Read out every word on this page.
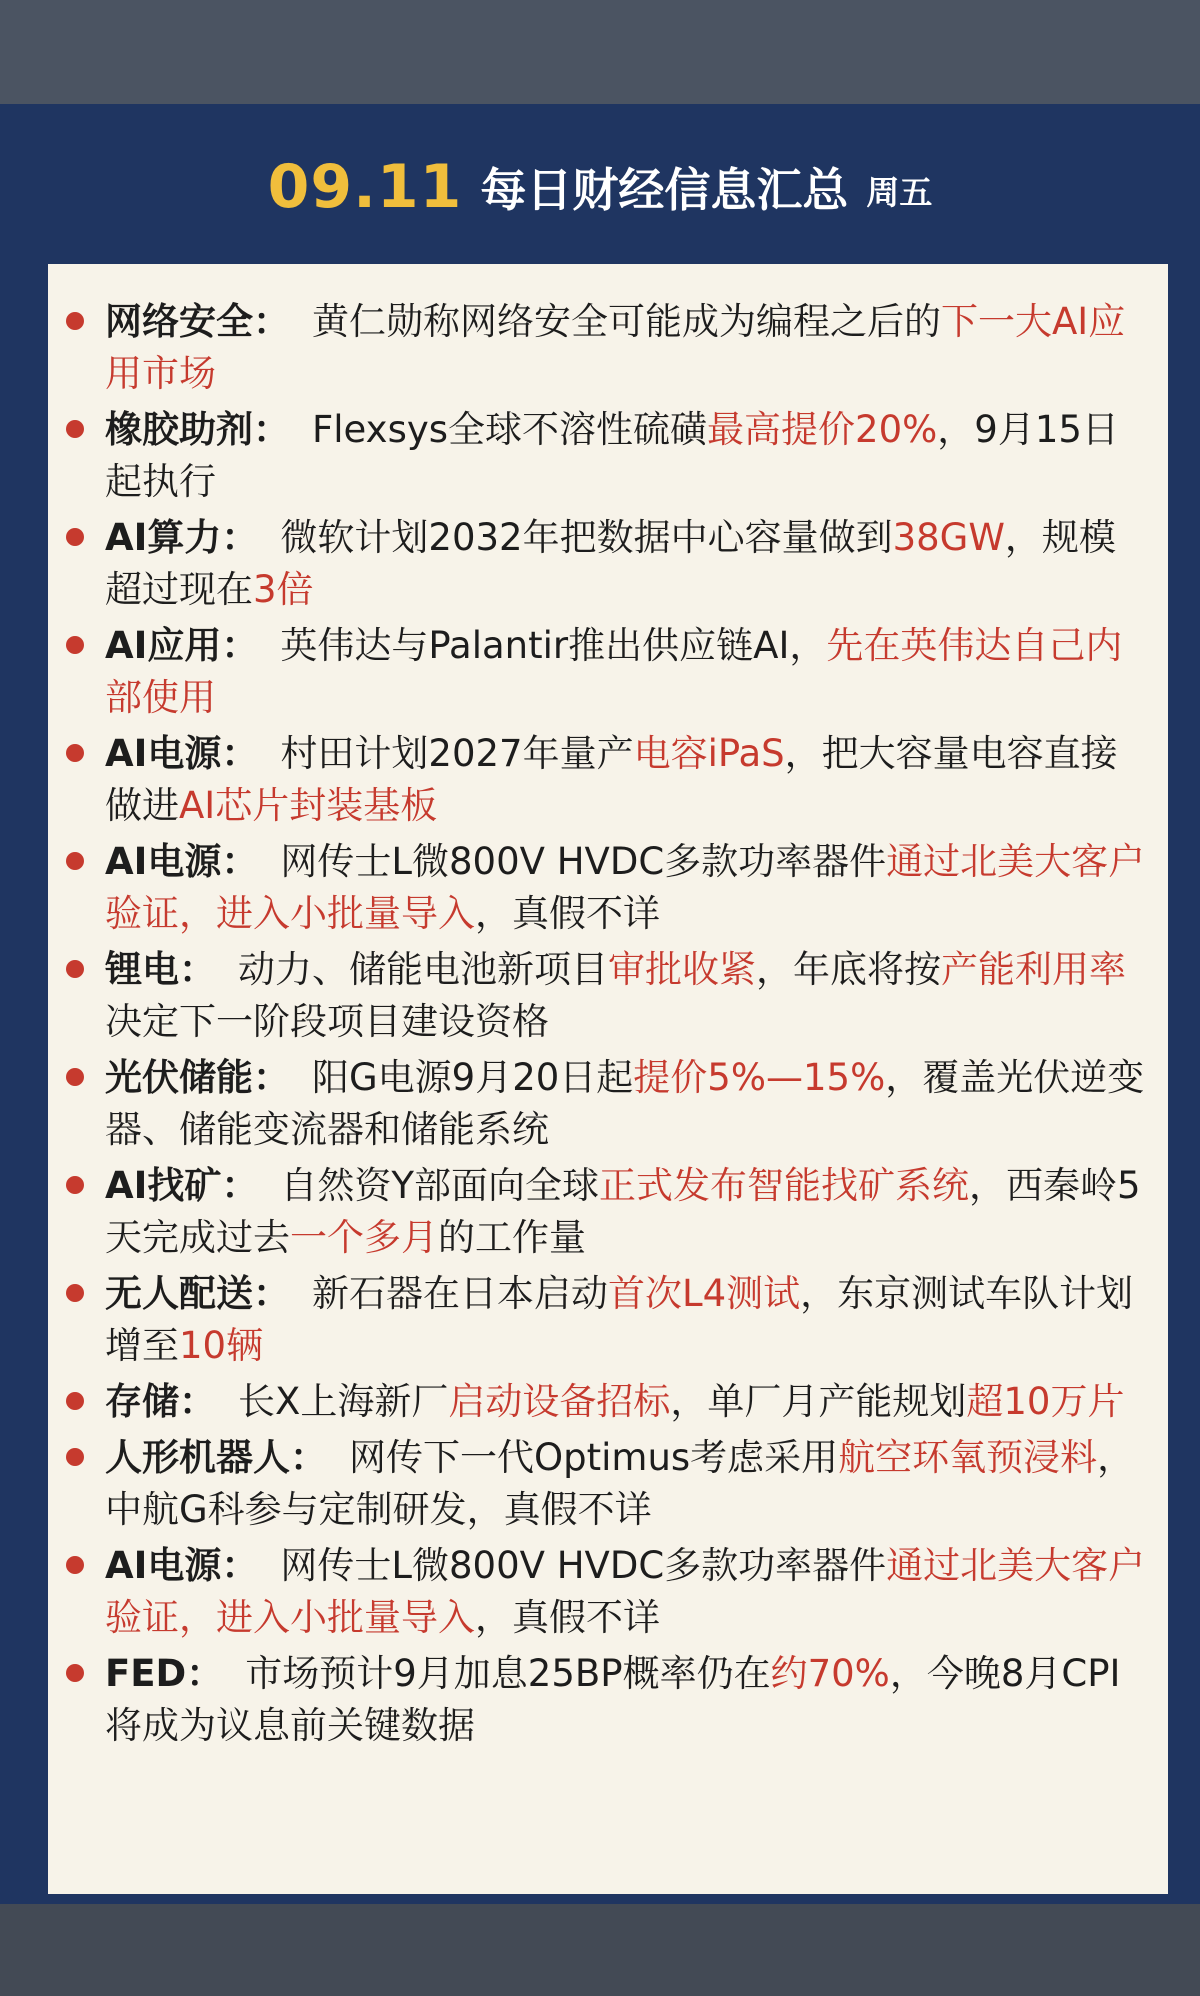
09.11 每日财经信息汇总 周五
网络安全： 黄仁勋称网络安全可能成为编程之后的下一大AI应用市场
橡胶助剂： Flexsys全球不溶性硫磺最高提价20%，9月15日起执行
AI算力： 微软计划2032年把数据中心容量做到38GW，规模超过现在3倍
AI应用： 英伟达与Palantir推出供应链AI，先在英伟达自己内部使用
AI电源： 村田计划2027年量产电容iPaS，把大容量电容直接做进AI芯片封装基板
AI电源： 网传士L微800V HVDC多款功率器件通过北美大客户验证，进入小批量导入，真假不详
锂电： 动力、储能电池新项目审批收紧，年底将按产能利用率决定下一阶段项目建设资格
光伏储能： 阳G电源9月20日起提价5%—15%，覆盖光伏逆变器、储能变流器和储能系统
AI找矿： 自然资Y部面向全球正式发布智能找矿系统，西秦岭5天完成过去一个多月的工作量
无人配送： 新石器在日本启动首次L4测试，东京测试车队计划增至10辆
存储： 长X上海新厂启动设备招标，单厂月产能规划超10万片
人形机器人： 网传下一代Optimus考虑采用航空环氧预浸料，中航G科参与定制研发，真假不详
AI电源： 网传士L微800V HVDC多款功率器件通过北美大客户验证，进入小批量导入，真假不详
FED： 市场预计9月加息25BP概率仍在约70%，今晚8月CPI将成为议息前关键数据
